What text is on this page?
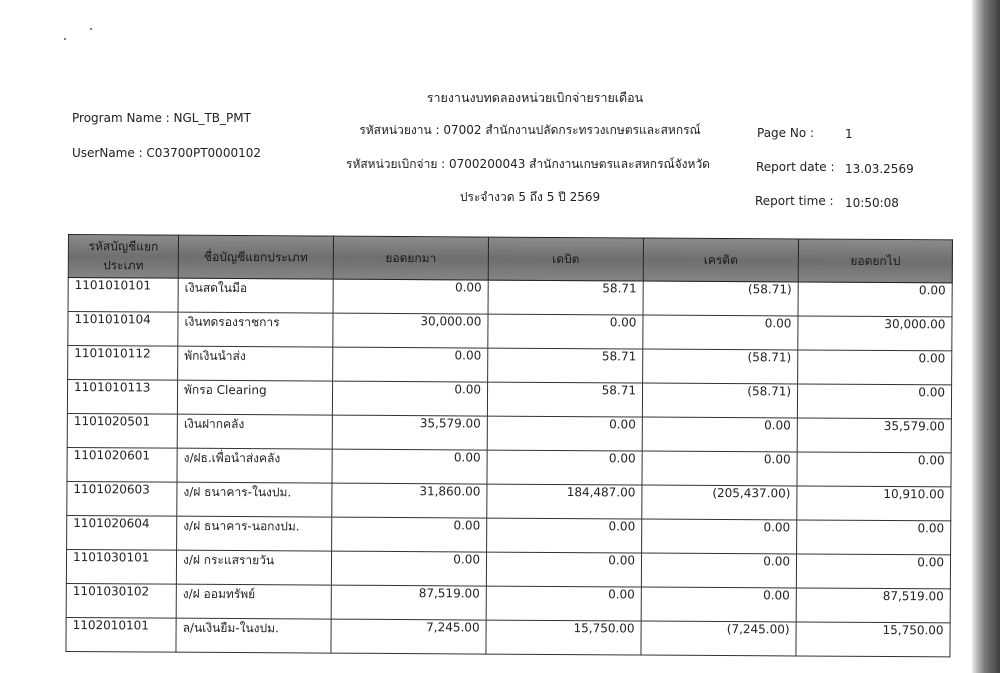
รายงานงบทดลองหน่วยเบิกจ่ายรายเดือน
รหัสหน่วยงาน : 07002 สำนักงานปลัดกระทรวงเกษตรและสหกรณ์
รหัสหน่วยเบิกจ่าย : 0700200043 สำนักงานเกษตรและสหกรณ์จังหวัด
ประจำงวด 5 ถึง 5 ปี 2569
Program Name : NGL_TB_PMT
UserName : C03700PT0000102
Page No :	1
Report date : 13.03.2569
Report time : 10:50:08
รหัสบัญชีแยกประเภท	ชื่อบัญชีแยกประเภท	ยอดยกมา	เดบิต	เครดิต	ยอดยกไป
1101010101	เงินสดในมือ	0.00	58.71	(58.71)	0.00
1101010104	เงินทดรองราชการ	30,000.00	0.00	0.00	30,000.00
1101010112	พักเงินนำส่ง	0.00	58.71	(58.71)	0.00
1101010113	พักรอ Clearing	0.00	58.71	(58.71)	0.00
1101020501	เงินฝากคลัง	35,579.00	0.00	0.00	35,579.00
1101020601	ง/ฝธ.เพื่อนำส่งคลัง	0.00	0.00	0.00	0.00
1101020603	ง/ฝ ธนาคาร-ในงปม.	31,860.00	184,487.00	(205,437.00)	10,910.00
1101020604	ง/ฝ ธนาคาร-นอกงปม.	0.00	0.00	0.00	0.00
1101030101	ง/ฝ กระแสรายวัน	0.00	0.00	0.00	0.00
1101030102	ง/ฝ ออมทรัพย์	87,519.00	0.00	0.00	87,519.00
1102010101	ล/นเงินยืม-ในงปม.	7,245.00	15,750.00	(7,245.00)	15,750.00
